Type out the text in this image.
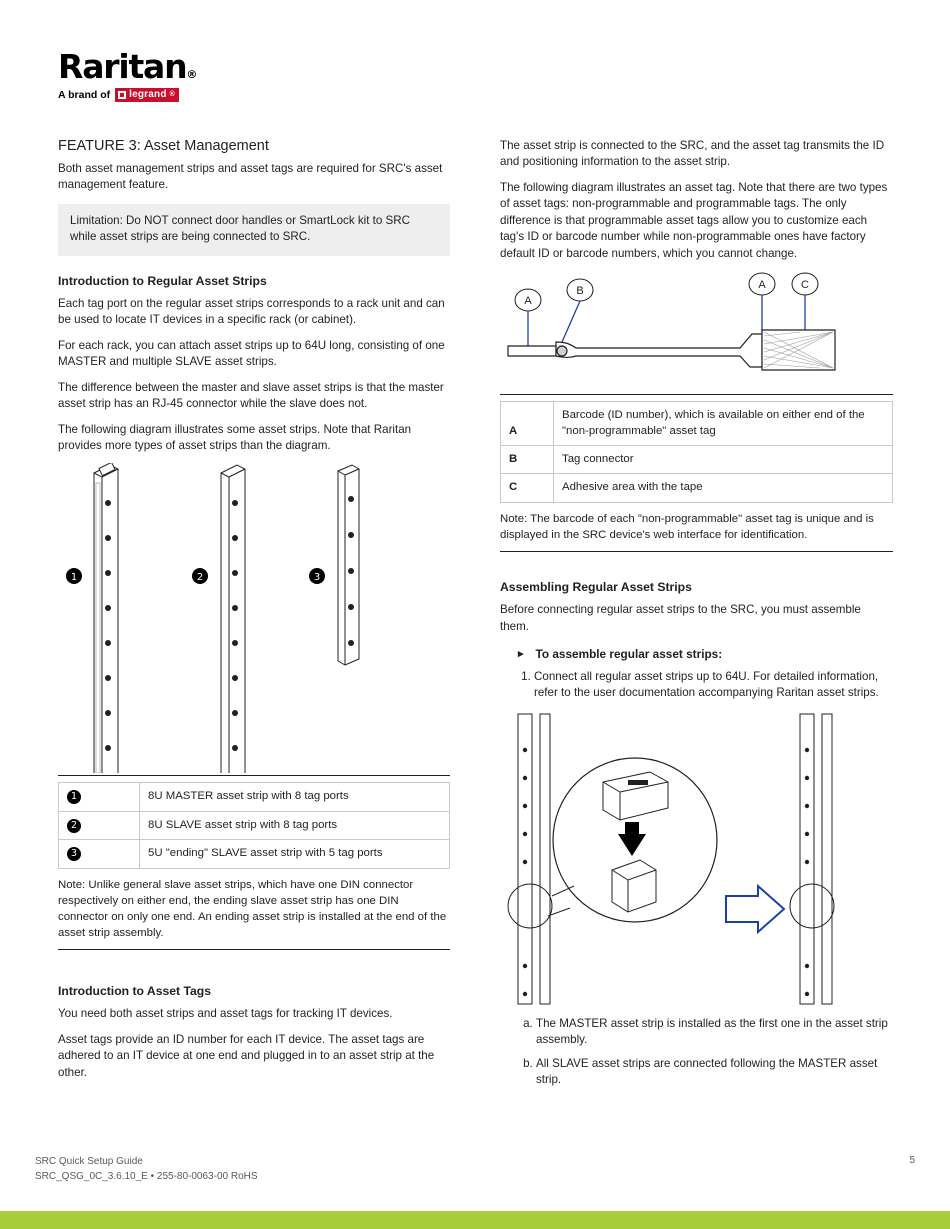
Raritan®
A brand of legrand ®
FEATURE 3: Asset Management

Both asset management strips and asset tags are required for SRC's asset management feature.

Limitation: Do NOT connect door handles or SmartLock kit to SRC while asset strips are being connected to SRC.
Introduction to Regular Asset Strips

Each tag port on the regular asset strips corresponds to a rack unit and can be used to locate IT devices in a specific rack (or cabinet).

For each rack, you can attach asset strips up to 64U long, consisting of one MASTER and multiple SLAVE asset strips.

The difference between the master and slave asset strips is that the master asset strip has an RJ-45 connector while the slave does not.

The following diagram illustrates some asset strips. Note that Raritan provides more types of asset strips than the diagram.

1	2	3
1	8U MASTER asset strip with 8 tag ports
2	8U SLAVE asset strip with 8 tag ports
3	5U "ending" SLAVE asset strip with 5 tag ports
Note: Unlike general slave asset strips, which have one DIN connector respectively on either end, the ending slave asset strip has one DIN connector on only one end. An ending asset strip is installed at the end of the asset strip assembly.
Introduction to Asset Tags

You need both asset strips and asset tags for tracking IT devices.

Asset tags provide an ID number for each IT device. The asset tags are adhered to an IT device at one end and plugged in to an asset strip at the other.

The asset strip is connected to the SRC, and the asset tag transmits the ID and positioning information to the asset strip.

The following diagram illustrates an asset tag. Note that there are two types of asset tags: non-programmable and programmable tags. The only difference is that programmable asset tags allow you to customize each tag's ID or barcode number while non-programmable ones have factory default ID or barcode numbers, which you cannot change.

A
B	A	C
A	Barcode (ID number), which is available on either end of the "non-programmable" asset tag
B	Tag connector
C	Adhesive area with the tape
Note: The barcode of each "non-programmable" asset tag is unique and is displayed in the SRC device's web interface for identification.
Assembling Regular Asset Strips

Before connecting regular asset strips to the SRC, you must assemble them.

▸ To assemble regular asset strips:
1. Connect all regular asset strips up to 64U. For detailed information, refer to the user documentation accompanying Raritan asset strips.
a. The MASTER asset strip is installed as the first one in the asset strip assembly.
b. All SLAVE asset strips are connected following the MASTER asset strip.
SRC Quick Setup Guide
SRC_QSG_0C_3.6.10_E • 255-80-0063-00 RoHS
5
